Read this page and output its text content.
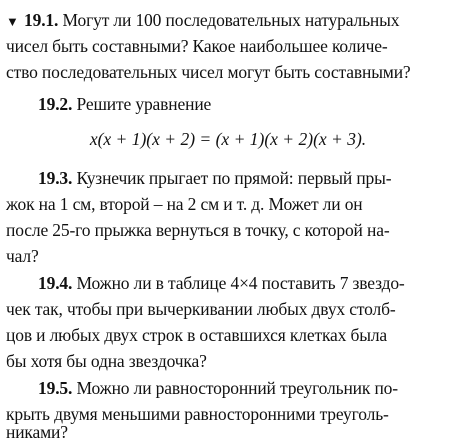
▼ 19.1. Могут ли 100 последовательных натуральных
чисел быть составными? Какое наибольшее количе-
ство последовательных чисел могут быть составными?
19.2. Решите уравнение
x(x + 1)(x + 2) = (x + 1)(x + 2)(x + 3).
19.3. Кузнечик прыгает по прямой: первый пры-
жок на 1 см, второй – на 2 см и т. д. Может ли он
после 25-го прыжка вернуться в точку, с которой на-
чал?
19.4. Можно ли в таблице 4×4 поставить 7 звездо-
чек так, чтобы при вычеркивании любых двух столб-
цов и любых двух строк в оставшихся клетках была
бы хотя бы одна звездочка?
19.5. Можно ли равносторонний треугольник по-
крыть двумя меньшими равносторонними треуголь-
никами?
